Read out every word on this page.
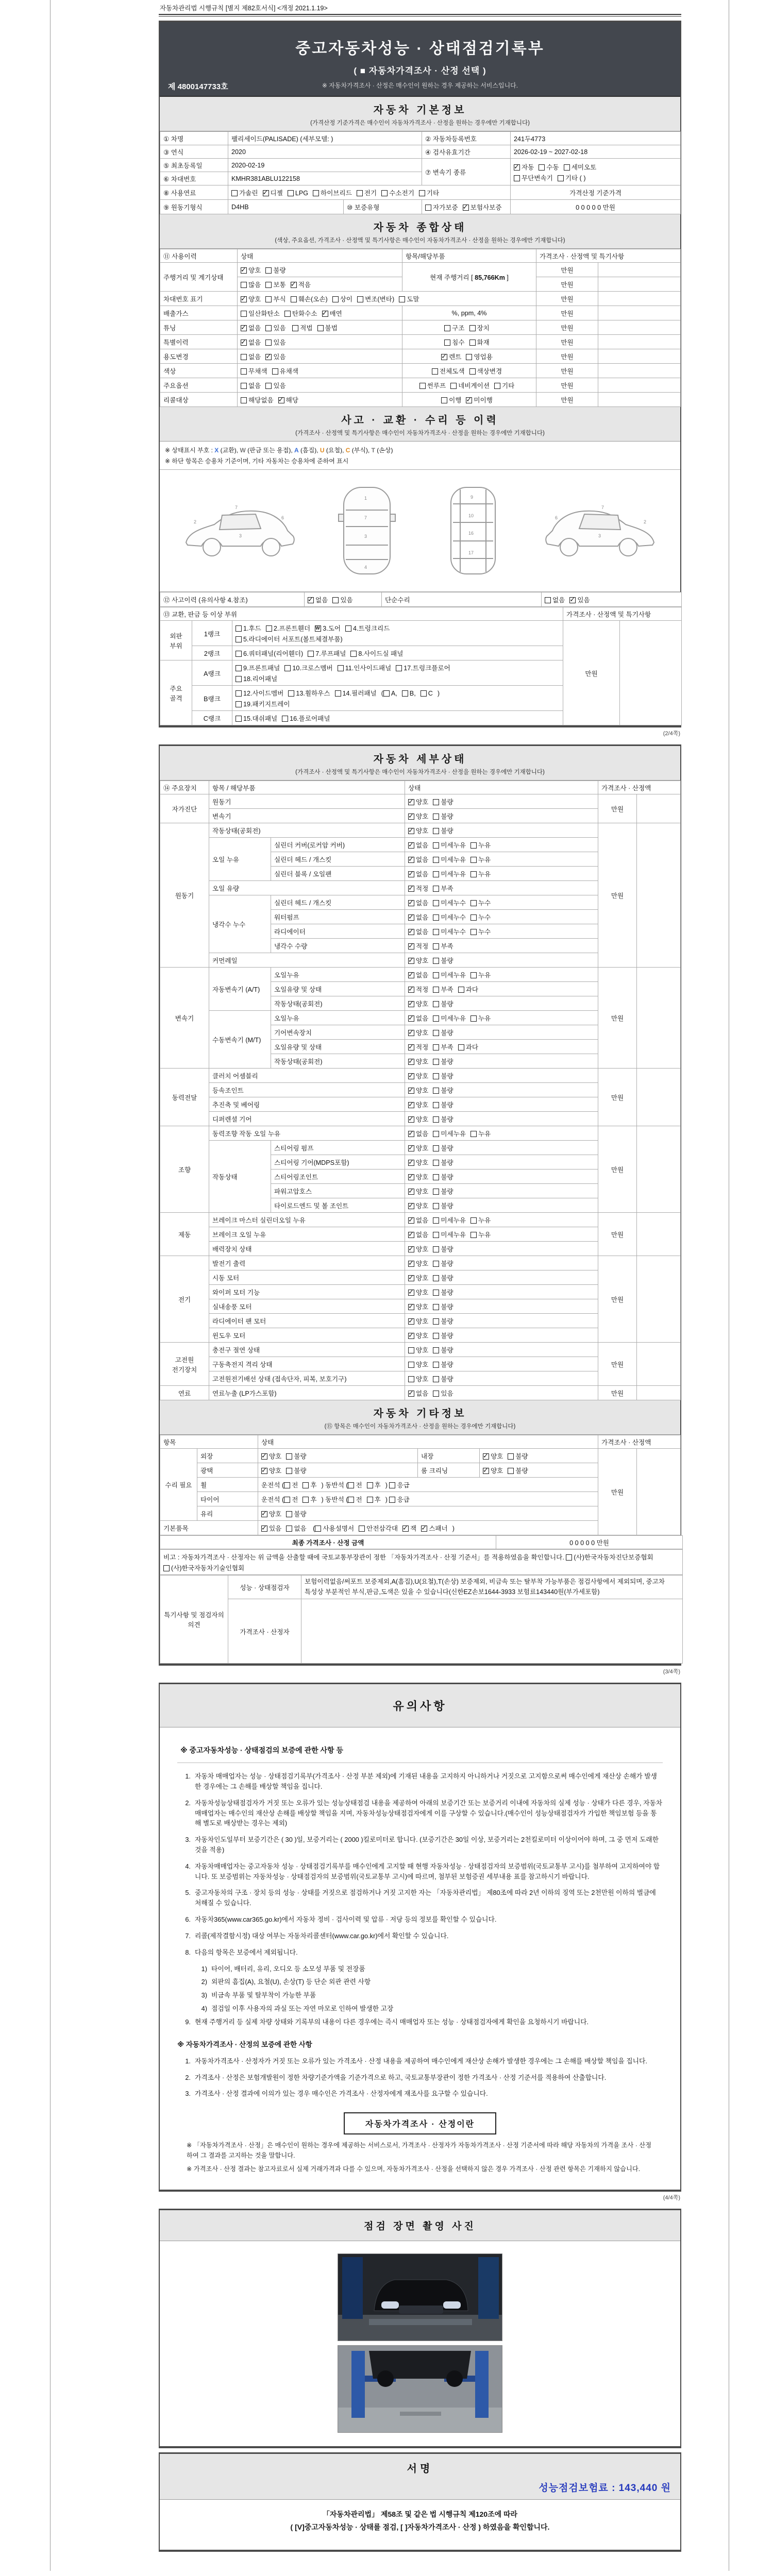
자동차관리법 시행규칙 [별지 제82호서식] <개정 2021.1.19>
중고자동차성능 · 상태점검기록부
( ■ 자동차가격조사 · 산정 선택 )
※ 자동차가격조사 · 산정은 매수인이 원하는 경우 제공하는 서비스입니다.
제 4800147733호
자동차 기본정보
(가격산정 기준가격은 매수인이 자동차가격조사 · 산정을 원하는 경우에만 기재합니다)
① 차명	팰리세이드(PALISADE) (세부모델: )		② 자동차등록번호	241두4773
③ 연식	2020		④ 검사유효기간	2026-02-19 ~ 2027-02-18
⑤ 최초등록일	2020-02-19		⑦ 변속기 종류	✓자동 수동 세미오토
무단변속기 기타 ( )
⑥ 차대번호	KMHR381ABLU122158			
⑧ 사용연료	가솔린 ✓ 디젤 LPG 하이브리드 전기 수소전기 기타			가격산정 기준가격
⑨ 원동기형식	D4HB	⑩ 보증유형	자가보증 ✓ 보험사보증	0 0 0 0 0 만원
자동차 종합상태
(색상, 주요옵션, 가격조사 · 산정액 및 특기사항은 매수인이 자동차가격조사 · 산정을 원하는 경우에만 기재합니다)
⑪ 사용이력	상태	항목/해당부품	가격조사 · 산정액 및 특기사항	
주행거리 및 계기상태	✓양호 불량	현재 주행거리 [ 85,766Km ]	만원	
	많음 보통 ✓ 적음		만원	
차대번호 표기	✓양호 부식 훼손(오손) 상이 변조(변타) 도말		만원	
배출가스	일산화탄소 탄화수소 ✓ 매연	%, ppm, 4%	만원	
튜닝	✓없음 있음 적법 불법	구조 장치	만원	
특별이력	✓없음 있음	침수 화재	만원	
용도변경	없음 ✓ 있음	✓렌트 영업용	만원	
색상	무채색 유채색	전체도색 색상변경	만원	
주요옵션	없음 있음	썬루프 네비게이션 기타	만원	
리콜대상	해당없음 ✓ 해당	이행 ✓ 미이행	만원	
사고 · 교환 · 수리 등 이력
(가격조사 · 산정액 및 특기사항은 매수인이 자동차가격조사 · 산정을 원하는 경우에만 기재합니다)
※ 상태표시 부호 : X (교환), W (판금 또는 용접), A (흠집), U (요철), C (부식), T (손상)
※ 하단 항목은 승용차 기준이며, 기타 자동차는 승용차에 준하여 표시
2
7
6
3
1
7
3
4
9
10
16
17
2
7
6
3
⑫ 사고이력 (유의사항 4.참조)	✓없음 있음	단순수리	없음 ✓ 있음
⑬ 교환, 판금 등 이상 부위			가격조사 · 산정액 및 특기사항	
외판 부위	1랭크	1.후드 2.프론트휀더 W 3.도어 4.트렁크리드
5.라디에이터 서포트(볼트체결부품)	만원	
	2랭크	6.쿼터패널(리어휀더) 7.루프패널 8.사이드실 패널		
주요 골격	A랭크	9.프론트패널 10.크로스멤버 11.인사이드패널 17.트렁크플로어
18.리어패널		
	B랭크	12.사이드멤버 13.휠하우스 14.필러패널 ( A, B, C )
19.패키지트레이		
	C랭크	15.대쉬패널 16.플로어패널		
(2/4쪽)
자동차 세부상태
(가격조사 · 산정액 및 특기사항은 매수인이 자동차가격조사 · 산정을 원하는 경우에만 기재합니다)
⑭ 주요장치	항목 / 해당부품		상태	가격조사 · 산정액	
자가진단	원동기	✓양호 불량	만원	
	변속기	✓양호 불량
원동기	작동상태(공회전)	✓양호 불량	만원	
	오일 누유	실린더 커버(로커암 커버)	✓없음 미세누유 누유
		실린더 헤드 / 개스킷	✓없음 미세누유 누유
		실린더 블록 / 오일팬	✓없음 미세누유 누유
	오일 유량	✓적정 부족
	냉각수 누수	실린더 헤드 / 개스킷	✓없음 미세누수 누수
		워터펌프	✓없음 미세누수 누수
		라디에이터	✓없음 미세누수 누수
		냉각수 수량	✓적정 부족
	커먼레일	✓양호 불량
변속기	자동변속기 (A/T)	오일누유	✓없음 미세누유 누유	만원	
		오일유량 및 상태	✓적정 부족 과다
		작동상태(공회전)	✓양호 불량
	수동변속기 (M/T)	오일누유	✓없음 미세누유 누유
		기어변속장치	✓양호 불량
		오일유량 및 상태	✓적정 부족 과다
		작동상태(공회전)	✓양호 불량
동력전달	클러치 어셈블리	✓양호 불량	만원	
	등속조인트	✓양호 불량
	추진축 및 베어링	✓양호 불량
	디퍼렌셜 기어	✓양호 불량
조향	동력조향 작동 오일 누유	✓없음 미세누유 누유	만원	
	작동상태	스티어링 펌프	✓양호 불량
		스티어링 기어(MDPS포함)	✓양호 불량
		스티어링조인트	✓양호 불량
		파워고압호스	✓양호 불량
		타이로드엔드 및 볼 조인트	✓양호 불량
제동	브레이크 마스터 실린더오일 누유	✓없음 미세누유 누유	만원	
	브레이크 오일 누유	✓없음 미세누유 누유
	배력장치 상태	✓양호 불량
전기	발전기 출력	✓양호 불량	만원	
	시동 모터	✓양호 불량
	와이퍼 모터 기능	✓양호 불량
	실내송풍 모터	✓양호 불량
	라디에이터 팬 모터	✓양호 불량
	윈도우 모터	✓양호 불량
고전원 전기장치	충전구 절연 상태		양호 불량	만원	
	구동축전지 격리 상태		양호 불량		
	고전원전기배선 상태 (접속단자, 피복, 보호기구)		양호 불량		
연료	연료누출 (LP가스포함)	✓없음 있음	만원	
자동차 기타정보
(⑮ 항목은 매수인이 자동차가격조사 · 산정을 원하는 경우에만 기재합니다)
항목		상태			가격조사 · 산정액	
수리 필요	외장	✓양호 불량	내장	✓양호 불량	만원	
	광택	✓양호 불량	룸 크리닝	✓양호 불량
	휠	운전석 ( 전 후 ) 동반석 ( 전 후 ) 응급				
	타이어	운전석 ( 전 후 ) 동반석 ( 전 후 ) 응급				
	유리	✓양호 불량
기본품목	✓있음 없음 ( 사용설명서 안전삼각대 ✓ 잭 ✓ 스패너 )
최종 가격조사 · 산정 금액	0 0 0 0 0 만원
비고 : 자동차가격조사 · 산정자는 위 금액을 산출할 때에 국토교통부장관이 정한 「자동차가격조사 · 산정 기준서」를 적용하였음을 확인합니다. (사)한국자동차진단보증협회(사)한국자동차기술인협회
특기사항 및 점검자의 의견	성능 · 상태점검자	보험이력없음/써포트 보증제외,A(흠집),U(요철),T(손상) 보증제외, 비금속 또는 탈부착 가능부품은 점검사항에서 제외되며, 중고차 특성상 부분적인 부식,판금,도색은 있을 수 있습니다(신한EZ손보1644-3933 보험료143440원(부가세포함)
	가격조사 · 산정자	
(3/4쪽)
유의사항
※ 중고자동차성능 · 상태점검의 보증에 관한 사항 등
1. 자동차 매매업자는 성능 · 상태점검기록부(가격조사 · 산정 부분 제외)에 기재된 내용을 고지하지 아니하거나 거짓으로 고지함으로써 매수인에게 재산상 손해가 발생한 경우에는 그 손해를 배상할 책임을 집니다.
2. 자동차성능상태점검자가 거짓 또는 오류가 있는 성능상태점검 내용을 제공하여 아래의 보증기간 또는 보증거리 이내에 자동차의 실제 성능 · 상태가 다른 경우, 자동차매매업자는 매수인의 재산상 손해를 배상할 책임을 지며, 자동차성능상태점검자에게 이를 구상할 수 있습니다.(매수인이 성능상태점검자가 가입한 책임보험 등을 통해 별도로 배상받는 경우는 제외)
3. 자동차인도일부터 보증기간은 ( 30 )일, 보증거리는 ( 2000 )킬로미터로 합니다. (보증기간은 30일 이상, 보증거리는 2천킬로미터 이상이어야 하며, 그 중 먼저 도래한 것을 적용)
4. 자동차매매업자는 중고자동차 성능 · 상태점검기록부를 매수인에게 고지할 때 현행 자동차성능 · 상태점검자의 보증범위(국토교통부 고시)를 첨부하여 고지하여야 합니다. 또 보증범위는 자동차성능 · 상태점검자의 보증범위(국토교통부 고시)에 따르며, 첨부된 보험증권 세부내용 표를 참고하시기 바랍니다.
5. 중고자동차의 구조 · 장치 등의 성능 · 상태를 거짓으로 점검하거나 거짓 고지한 자는 「자동차관리법」 제80조에 따라 2년 이하의 징역 또는 2천만원 이하의 벌금에 처해질 수 있습니다.
6. 자동차365(www.car365.go.kr)에서 자동차 정비 · 검사이력 및 압류 · 저당 등의 정보를 확인할 수 있습니다.
7. 리콜(제작결함시정) 대상 여부는 자동차리콜센터(www.car.go.kr)에서 확인할 수 있습니다.
8. 다음의 항목은 보증에서 제외됩니다.
1) 타이어, 배터리, 유리, 오디오 등 소모성 부품 및 전장품
2) 외판의 흠집(A), 요철(U), 손상(T) 등 단순 외관 관련 사항
3) 비금속 부품 및 탈부착이 가능한 부품
4) 점검일 이후 사용자의 과실 또는 자연 마모로 인하여 발생한 고장
9. 현재 주행거리 등 실제 차량 상태와 기록부의 내용이 다른 경우에는 즉시 매매업자 또는 성능 · 상태점검자에게 확인을 요청하시기 바랍니다.
※ 자동차가격조사 · 산정의 보증에 관한 사항
1. 자동차가격조사 · 산정자가 거짓 또는 오류가 있는 가격조사 · 산정 내용을 제공하여 매수인에게 재산상 손해가 발생한 경우에는 그 손해를 배상할 책임을 집니다.
2. 가격조사 · 산정은 보험개발원이 정한 차량기준가액을 기준가격으로 하고, 국토교통부장관이 정한 가격조사 · 산정 기준서를 적용하여 산출합니다.
3. 가격조사 · 산정 결과에 이의가 있는 경우 매수인은 가격조사 · 산정자에게 재조사를 요구할 수 있습니다.
자동차가격조사 · 산정이란
※ 「자동차가격조사 · 산정」은 매수인이 원하는 경우에 제공하는 서비스로서, 가격조사 · 산정자가 자동차가격조사 · 산정 기준서에 따라 해당 자동차의 가격을 조사 · 산정하여 그 결과를 고지하는 것을 말합니다.
※ 가격조사 · 산정 결과는 참고자료로서 실제 거래가격과 다를 수 있으며, 자동차가격조사 · 산정을 선택하지 않은 경우 가격조사 · 산정 관련 항목은 기재하지 않습니다.
(4/4쪽)
점검 장면 촬영 사진
서명
성능점검보험료 : 143,440 원
「자동차관리법」 제58조 및 같은 법 시행규칙 제120조에 따라
( [V]중고자동차성능 · 상태를 점검, [ ]자동차가격조사 · 산정 ) 하였음을 확인합니다.
